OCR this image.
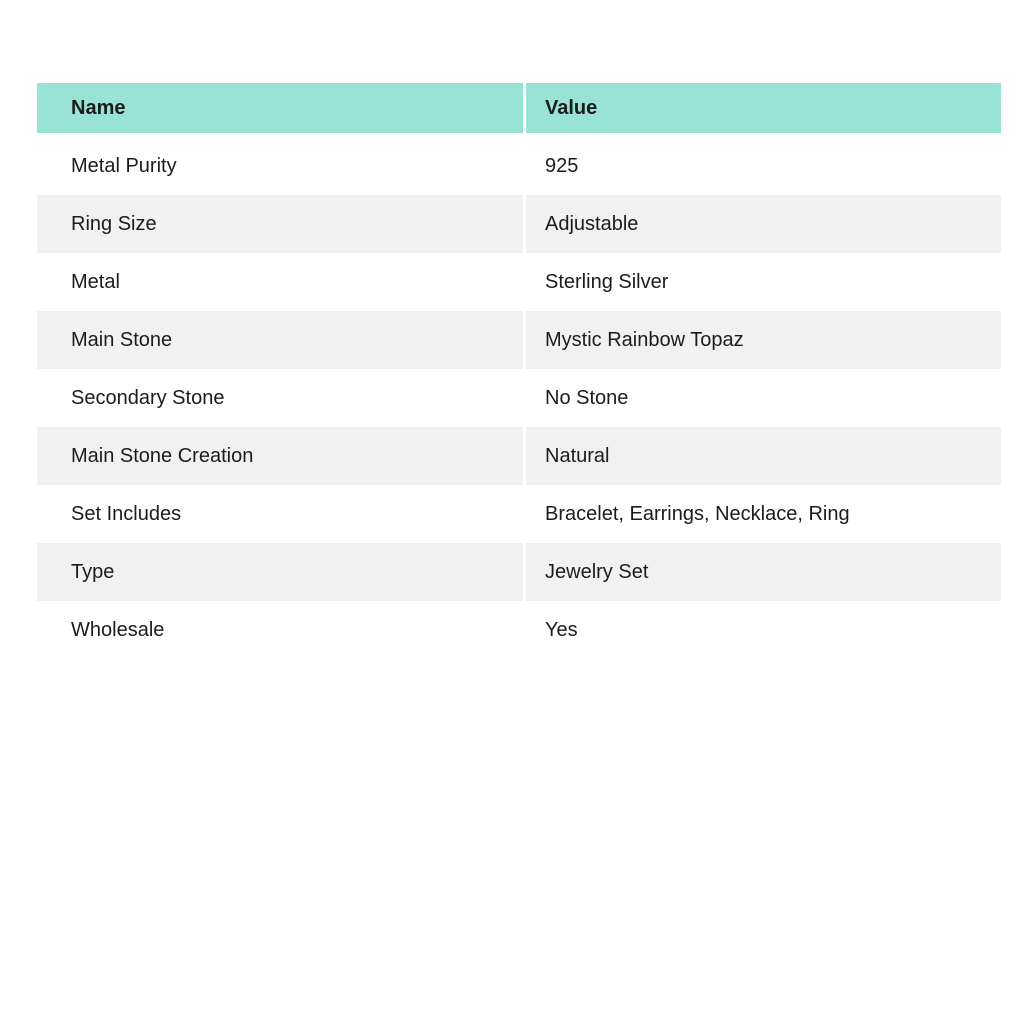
Name	Value
Metal Purity	925
Ring Size	Adjustable
Metal	Sterling Silver
Main Stone	Mystic Rainbow Topaz
Secondary Stone	No Stone
Main Stone Creation	Natural
Set Includes	Bracelet, Earrings, Necklace, Ring
Type	Jewelry Set
Wholesale	Yes
